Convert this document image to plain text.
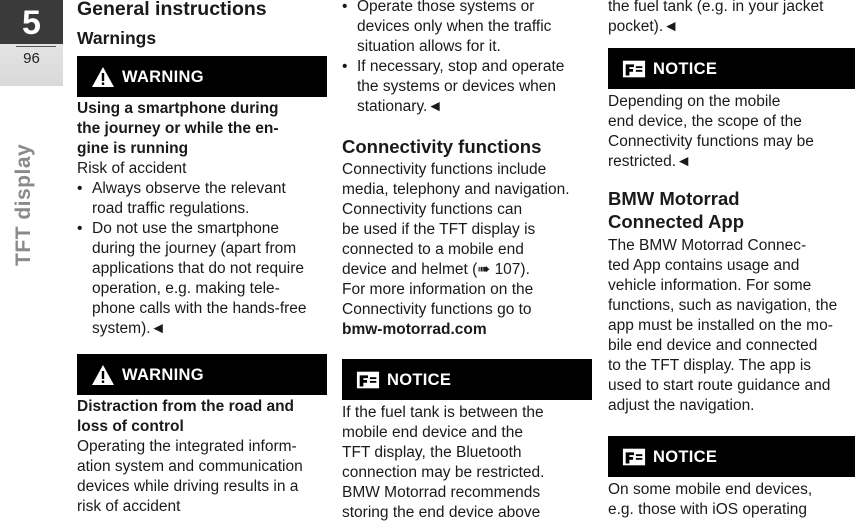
5
96
TFT display
General instructions
Warnings
WARNING
Using a smartphone during
the journey or while the en-
gine is running
Risk of accident
• Always observe the relevant
road traffic regulations.
• Do not use the smartphone
during the journey (apart from
applications that do not require
operation, e.g. making tele-
phone calls with the hands-free
system).◄
WARNING
Distraction from the road and
loss of control
Operating the integrated inform-
ation system and communication
devices while driving results in a
risk of accident
• Operate those systems or
devices only when the traffic
situation allows for it.
• If necessary, stop and operate
the systems or devices when
stationary.◄
Connectivity functions
Connectivity functions include
media, telephony and navigation.
Connectivity functions can
be used if the TFT display is
connected to a mobile end
device and helmet (➠ 107).
For more information on the
Connectivity functions go to
bmw-motorrad.com
NOTICE
If the fuel tank is between the
mobile end device and the
TFT display, the Bluetooth
connection may be restricted.
BMW Motorrad recommends
storing the end device above
the fuel tank (e.g. in your jacket
pocket).◄
NOTICE
Depending on the mobile
end device, the scope of the
Connectivity functions may be
restricted.◄
BMW Motorrad
Connected App
The BMW Motorrad Connec-
ted App contains usage and
vehicle information. For some
functions, such as navigation, the
app must be installed on the mo-
bile end device and connected
to the TFT display. The app is
used to start route guidance and
adjust the navigation.
NOTICE
On some mobile end devices,
e.g. those with iOS operating
